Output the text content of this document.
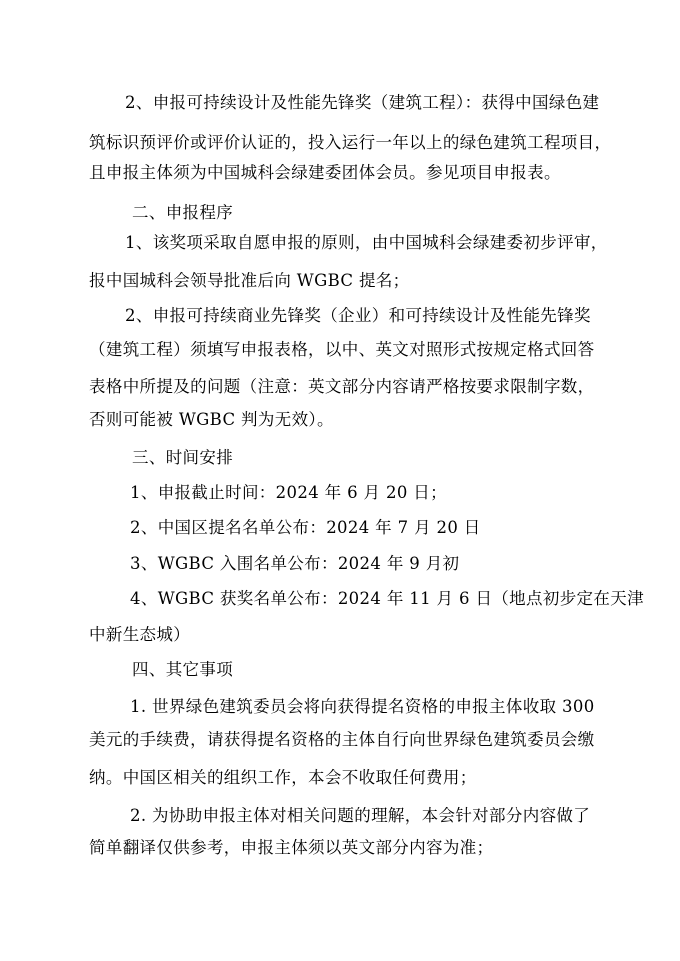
2、申报可持续设计及性能先锋奖（建筑工程）：获得中国绿色建
筑标识预评价或评价认证的，投入运行一年以上的绿色建筑工程项目，
且申报主体须为中国城科会绿建委团体会员。参见项目申报表。
二、申报程序
1、该奖项采取自愿申报的原则，由中国城科会绿建委初步评审，
报中国城科会领导批准后向 WGBC 提名；
2、申报可持续商业先锋奖（企业）和可持续设计及性能先锋奖
（建筑工程）须填写申报表格，以中、英文对照形式按规定格式回答
表格中所提及的问题（注意：英文部分内容请严格按要求限制字数，
否则可能被 WGBC 判为无效）。
三、时间安排
1、申报截止时间：2024 年 6 月 20 日；
2、中国区提名名单公布：2024 年 7 月 20 日
3、WGBC 入围名单公布：2024 年 9 月初
4、WGBC 获奖名单公布：2024 年 11 月 6 日（地点初步定在天津
中新生态城）
四、其它事项
1. 世界绿色建筑委员会将向获得提名资格的申报主体收取 300
美元的手续费，请获得提名资格的主体自行向世界绿色建筑委员会缴
纳。中国区相关的组织工作，本会不收取任何费用；
2. 为协助申报主体对相关问题的理解，本会针对部分内容做了
简单翻译仅供参考，申报主体须以英文部分内容为准；
